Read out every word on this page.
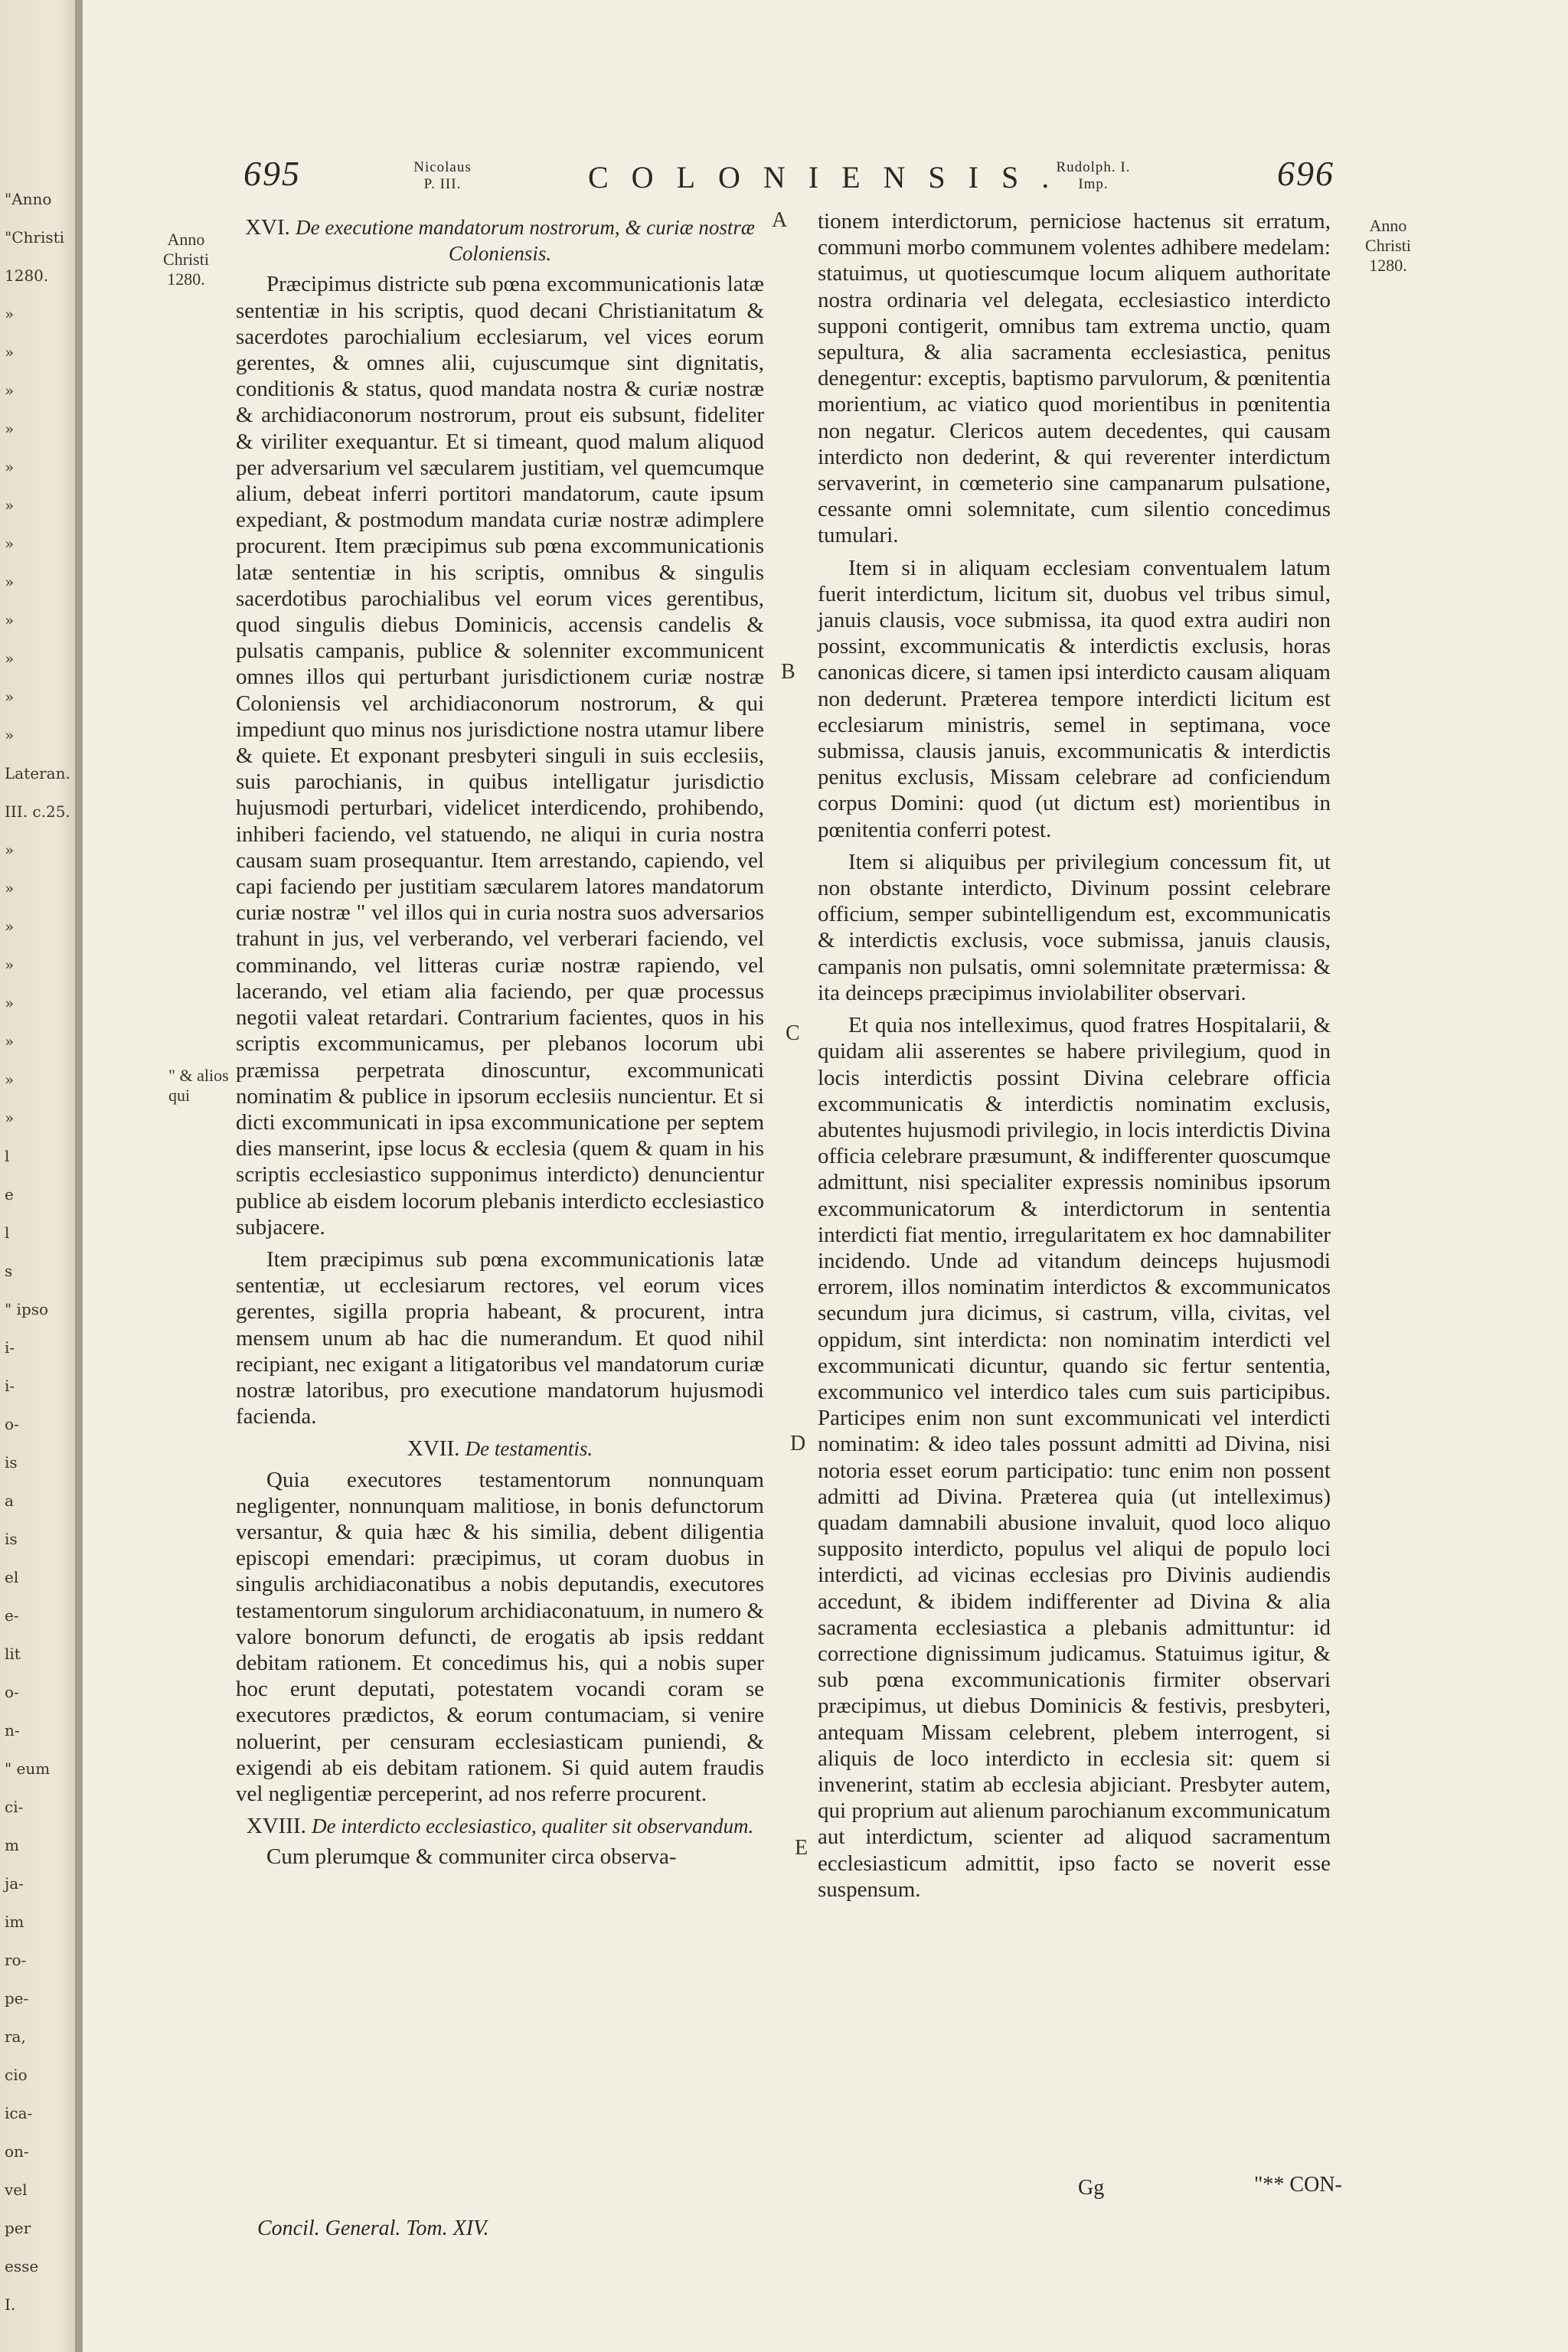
"Anno
"Christi
1280.
»
»
»
»
»
»
»
»
»
»
»
»
Lateran.
III. c.25.
»
»
»
»
»
»
»
»
l
e
l
s
" ipso
i-
i-
o-
is
a
is
el
e-
lit
o-
n-
" eum
ci-
m
ja-
im
ro-
pe-
ra,
cio
ica-
on-
vel
per
esse
I.
695	Nicolaus
P. III.	COLONIENSIS.
Rudolph. I.
Imp.	696
Anno
Christi
1280.
Anno
Christi
1280.
" & alios
qui
A
B
C
D
E
XVI. De executione mandatorum nostrorum, & curiæ nostræ Coloniensis.

Præcipimus districte sub pœna excommunicationis latæ sententiæ in his scriptis, quod decani Christianitatum & sacerdotes parochialium ecclesiarum, vel vices eorum gerentes, & omnes alii, cujuscumque sint dignitatis, conditionis & status, quod mandata nostra & curiæ nostræ & archidiaconorum nostrorum, prout eis subsunt, fideliter & viriliter exequantur. Et si timeant, quod malum aliquod per adversarium vel sæcularem justitiam, vel quemcumque alium, debeat inferri portitori mandatorum, caute ipsum expediant, & postmodum mandata curiæ nostræ adimplere procurent. Item præcipimus sub pœna excommunicationis latæ sententiæ in his scriptis, omnibus & singulis sacerdotibus parochialibus vel eorum vices gerentibus, quod singulis diebus Dominicis, accensis candelis & pulsatis campanis, publice & solenniter excommunicent omnes illos qui perturbant jurisdictionem curiæ nostræ Coloniensis vel archidiaconorum nostrorum, & qui impediunt quo minus nos jurisdictione nostra utamur libere & quiete. Et exponant presbyteri singuli in suis ecclesiis, suis parochianis, in quibus intelligatur jurisdictio hujusmodi perturbari, videlicet interdicendo, prohibendo, inhiberi faciendo, vel statuendo, ne aliqui in curia nostra causam suam prosequantur. Item arrestando, capiendo, vel capi faciendo per justitiam sæcularem latores mandatorum curiæ nostræ " vel illos qui in curia nostra suos adversarios trahunt in jus, vel verberando, vel verberari faciendo, vel comminando, vel litteras curiæ nostræ rapiendo, vel lacerando, vel etiam alia faciendo, per quæ processus negotii valeat retardari. Contrarium facientes, quos in his scriptis excommunicamus, per plebanos locorum ubi præmissa perpetrata dinoscuntur, excommunicati nominatim & publice in ipsorum ecclesiis nuncientur. Et si dicti excommunicati in ipsa excommunicatione per septem dies manserint, ipse locus & ecclesia (quem & quam in his scriptis ecclesiastico supponimus interdicto) denuncientur publice ab eisdem locorum plebanis interdicto ecclesiastico subjacere.

Item præcipimus sub pœna excommunicationis latæ sententiæ, ut ecclesiarum rectores, vel eorum vices gerentes, sigilla propria habeant, & procurent, intra mensem unum ab hac die numerandum. Et quod nihil recipiant, nec exigant a litigatoribus vel mandatorum curiæ nostræ latoribus, pro executione mandatorum hujusmodi facienda.

XVII. De testamentis.

Quia executores testamentorum nonnunquam negligenter, nonnunquam malitiose, in bonis defunctorum versantur, & quia hæc & his similia, debent diligentia episcopi emendari: præcipimus, ut coram duobus in singulis archidiaconatibus a nobis deputandis, executores testamentorum singulorum archidiaconatuum, in numero & valore bonorum defuncti, de erogatis ab ipsis reddant debitam rationem. Et concedimus his, qui a nobis super hoc erunt deputati, potestatem vocandi coram se executores prædictos, & eorum contumaciam, si venire noluerint, per censuram ecclesiasticam puniendi, & exigendi ab eis debitam rationem. Si quid autem fraudis vel negligentiæ perceperint, ad nos referre procurent.

XVIII. De interdicto ecclesiastico, qualiter sit observandum.

Cum plerumque & communiter circa observa-

tionem interdictorum, perniciose hactenus sit erratum, communi morbo communem volentes adhibere medelam: statuimus, ut quotiescumque locum aliquem authoritate nostra ordinaria vel delegata, ecclesiastico interdicto supponi contigerit, omnibus tam extrema unctio, quam sepultura, & alia sacramenta ecclesiastica, penitus denegentur: exceptis, baptismo parvulorum, & pœnitentia morientium, ac viatico quod morientibus in pœnitentia non negatur. Clericos autem decedentes, qui causam interdicto non dederint, & qui reverenter interdictum servaverint, in cœmeterio sine campanarum pulsatione, cessante omni solemnitate, cum silentio concedimus tumulari.

Item si in aliquam ecclesiam conventualem latum fuerit interdictum, licitum sit, duobus vel tribus simul, januis clausis, voce submissa, ita quod extra audiri non possint, excommunicatis & interdictis exclusis, horas canonicas dicere, si tamen ipsi interdicto causam aliquam non dederunt. Præterea tempore interdicti licitum est ecclesiarum ministris, semel in septimana, voce submissa, clausis januis, excommunicatis & interdictis penitus exclusis, Missam celebrare ad conficiendum corpus Domini: quod (ut dictum est) morientibus in pœnitentia conferri potest.

Item si aliquibus per privilegium concessum fit, ut non obstante interdicto, Divinum possint celebrare officium, semper subintelligendum est, excommunicatis & interdictis exclusis, voce submissa, januis clausis, campanis non pulsatis, omni solemnitate prætermissa: & ita deinceps præcipimus inviolabiliter observari.

Et quia nos intelleximus, quod fratres Hospitalarii, & quidam alii asserentes se habere privilegium, quod in locis interdictis possint Divina celebrare officia excommunicatis & interdictis nominatim exclusis, abutentes hujusmodi privilegio, in locis interdictis Divina officia celebrare præsumunt, & indifferenter quoscumque admittunt, nisi specialiter expressis nominibus ipsorum excommunicatorum & interdictorum in sententia interdicti fiat mentio, irregularitatem ex hoc damnabiliter incidendo. Unde ad vitandum deinceps hujusmodi errorem, illos nominatim interdictos & excommunicatos secundum jura dicimus, si castrum, villa, civitas, vel oppidum, sint interdicta: non nominatim interdicti vel excommunicati dicuntur, quando sic fertur sententia, excommunico vel interdico tales cum suis participibus. Participes enim non sunt excommunicati vel interdicti nominatim: & ideo tales possunt admitti ad Divina, nisi notoria esset eorum participatio: tunc enim non possent admitti ad Divina. Præterea quia (ut intelleximus) quadam damnabili abusione invaluit, quod loco aliquo supposito interdicto, populus vel aliqui de populo loci interdicti, ad vicinas ecclesias pro Divinis audiendis accedunt, & ibidem indifferenter ad Divina & alia sacramenta ecclesiastica a plebanis admittuntur: id correctione dignissimum judicamus. Statuimus igitur, & sub pœna excommunicationis firmiter observari præcipimus, ut diebus Dominicis & festivis, presbyteri, antequam Missam celebrent, plebem interrogent, si aliquis de loco interdicto in ecclesia sit: quem si invenerint, statim ab ecclesia abjiciant. Presbyter autem, qui proprium aut alienum parochianum excommunicatum aut interdictum, scienter ad aliquod sacramentum ecclesiasticum admittit, ipso facto se noverit esse suspensum.

Concil. General. Tom. XIV.
Gg	"** CON-
